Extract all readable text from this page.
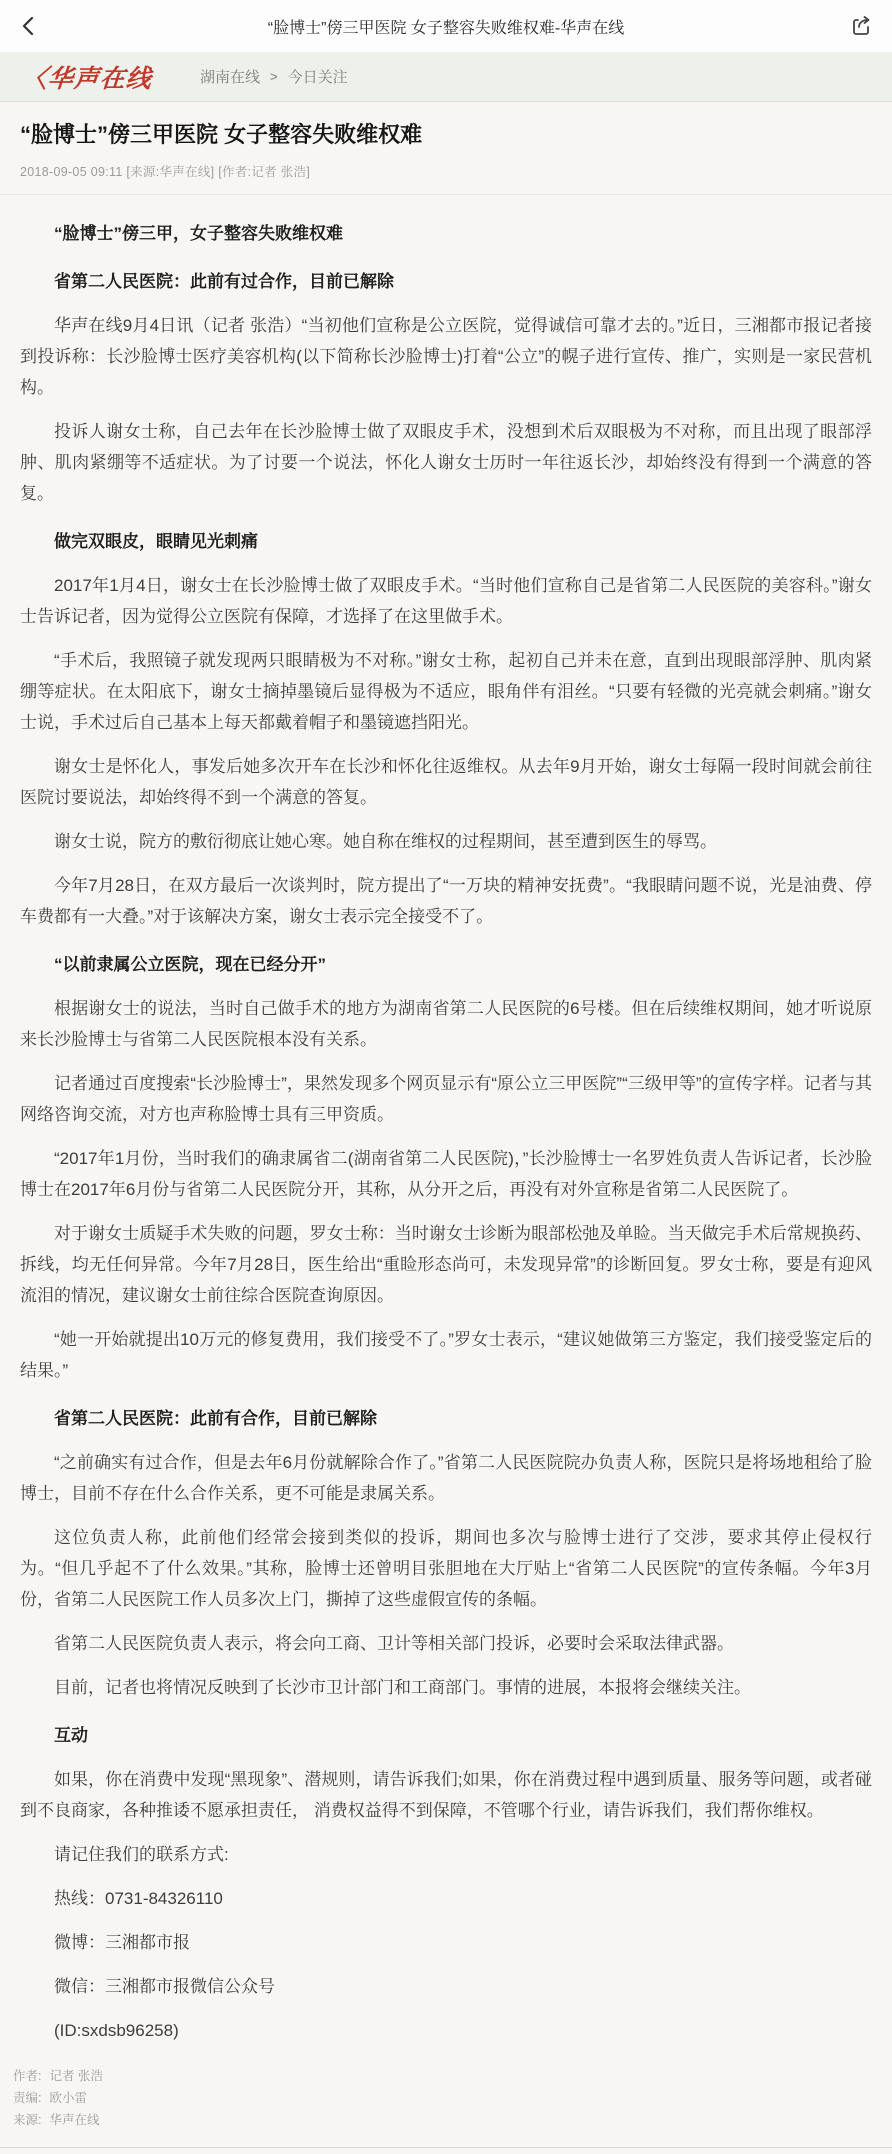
“脸博士”傍三甲医院 女子整容失败维权难-华声在线
〈华声在线	湖南在线 > 今日关注
“脸博士”傍三甲医院 女子整容失败维权难
2018-09-05 09:11 [来源:华声在线] [作者:记者 张浩]

“脸博士”傍三甲，女子整容失败维权难

省第二人民医院：此前有过合作，目前已解除

华声在线9月4日讯（记者 张浩）“当初他们宣称是公立医院，觉得诚信可靠才去的。”近日，三湘都市报记者接到投诉称：长沙脸博士医疗美容机构(以下简称长沙脸博士)打着“公立”的幌子进行宣传、推广，实则是一家民营机构。

投诉人谢女士称，自己去年在长沙脸博士做了双眼皮手术，没想到术后双眼极为不对称，而且出现了眼部浮肿、肌肉紧绷等不适症状。为了讨要一个说法，怀化人谢女士历时一年往返长沙，却始终没有得到一个满意的答复。

做完双眼皮，眼睛见光刺痛

2017年1月4日，谢女士在长沙脸博士做了双眼皮手术。“当时他们宣称自己是省第二人民医院的美容科。”谢女士告诉记者，因为觉得公立医院有保障，才选择了在这里做手术。

“手术后，我照镜子就发现两只眼睛极为不对称。”谢女士称，起初自己并未在意，直到出现眼部浮肿、肌肉紧绷等症状。在太阳底下，谢女士摘掉墨镜后显得极为不适应，眼角伴有泪丝。“只要有轻微的光亮就会刺痛。”谢女士说，手术过后自己基本上每天都戴着帽子和墨镜遮挡阳光。

谢女士是怀化人，事发后她多次开车在长沙和怀化往返维权。从去年9月开始，谢女士每隔一段时间就会前往医院讨要说法，却始终得不到一个满意的答复。

谢女士说，院方的敷衍彻底让她心寒。她自称在维权的过程期间，甚至遭到医生的辱骂。

今年7月28日，在双方最后一次谈判时，院方提出了“一万块的精神安抚费”。“我眼睛问题不说，光是油费、停车费都有一大叠。”对于该解决方案，谢女士表示完全接受不了。

“以前隶属公立医院，现在已经分开”

根据谢女士的说法，当时自己做手术的地方为湖南省第二人民医院的6号楼。但在后续维权期间，她才听说原来长沙脸博士与省第二人民医院根本没有关系。

记者通过百度搜索“长沙脸博士”，果然发现多个网页显示有“原公立三甲医院”“三级甲等”的宣传字样。记者与其网络咨询交流，对方也声称脸博士具有三甲资质。

“2017年1月份，当时我们的确隶属省二(湖南省第二人民医院)，”长沙脸博士一名罗姓负责人告诉记者，长沙脸博士在2017年6月份与省第二人民医院分开，其称，从分开之后，再没有对外宣称是省第二人民医院了。

对于谢女士质疑手术失败的问题，罗女士称：当时谢女士诊断为眼部松弛及单睑。当天做完手术后常规换药、拆线，均无任何异常。今年7月28日，医生给出“重睑形态尚可，未发现异常”的诊断回复。罗女士称，要是有迎风流泪的情况，建议谢女士前往综合医院查询原因。

“她一开始就提出10万元的修复费用，我们接受不了。”罗女士表示，“建议她做第三方鉴定，我们接受鉴定后的结果。”

省第二人民医院：此前有合作，目前已解除

“之前确实有过合作，但是去年6月份就解除合作了。”省第二人民医院院办负责人称，医院只是将场地租给了脸博士，目前不存在什么合作关系，更不可能是隶属关系。

这位负责人称，此前他们经常会接到类似的投诉，期间也多次与脸博士进行了交涉，要求其停止侵权行为。“但几乎起不了什么效果。”其称，脸博士还曾明目张胆地在大厅贴上“省第二人民医院”的宣传条幅。今年3月份，省第二人民医院工作人员多次上门，撕掉了这些虚假宣传的条幅。

省第二人民医院负责人表示，将会向工商、卫计等相关部门投诉，必要时会采取法律武器。

目前，记者也将情况反映到了长沙市卫计部门和工商部门。事情的进展，本报将会继续关注。

互动

如果，你在消费中发现“黑现象”、潜规则，请告诉我们;如果，你在消费过程中遇到质量、服务等问题，或者碰到不良商家，各种推诿不愿承担责任， 消费权益得不到保障，不管哪个行业，请告诉我们，我们帮你维权。

请记住我们的联系方式:

热线：0731-84326110

微博：三湘都市报

微信：三湘都市报微信公众号

(ID:sxdsb96258)

作者: 记者 张浩
责编: 欧小雷
来源: 华声在线
